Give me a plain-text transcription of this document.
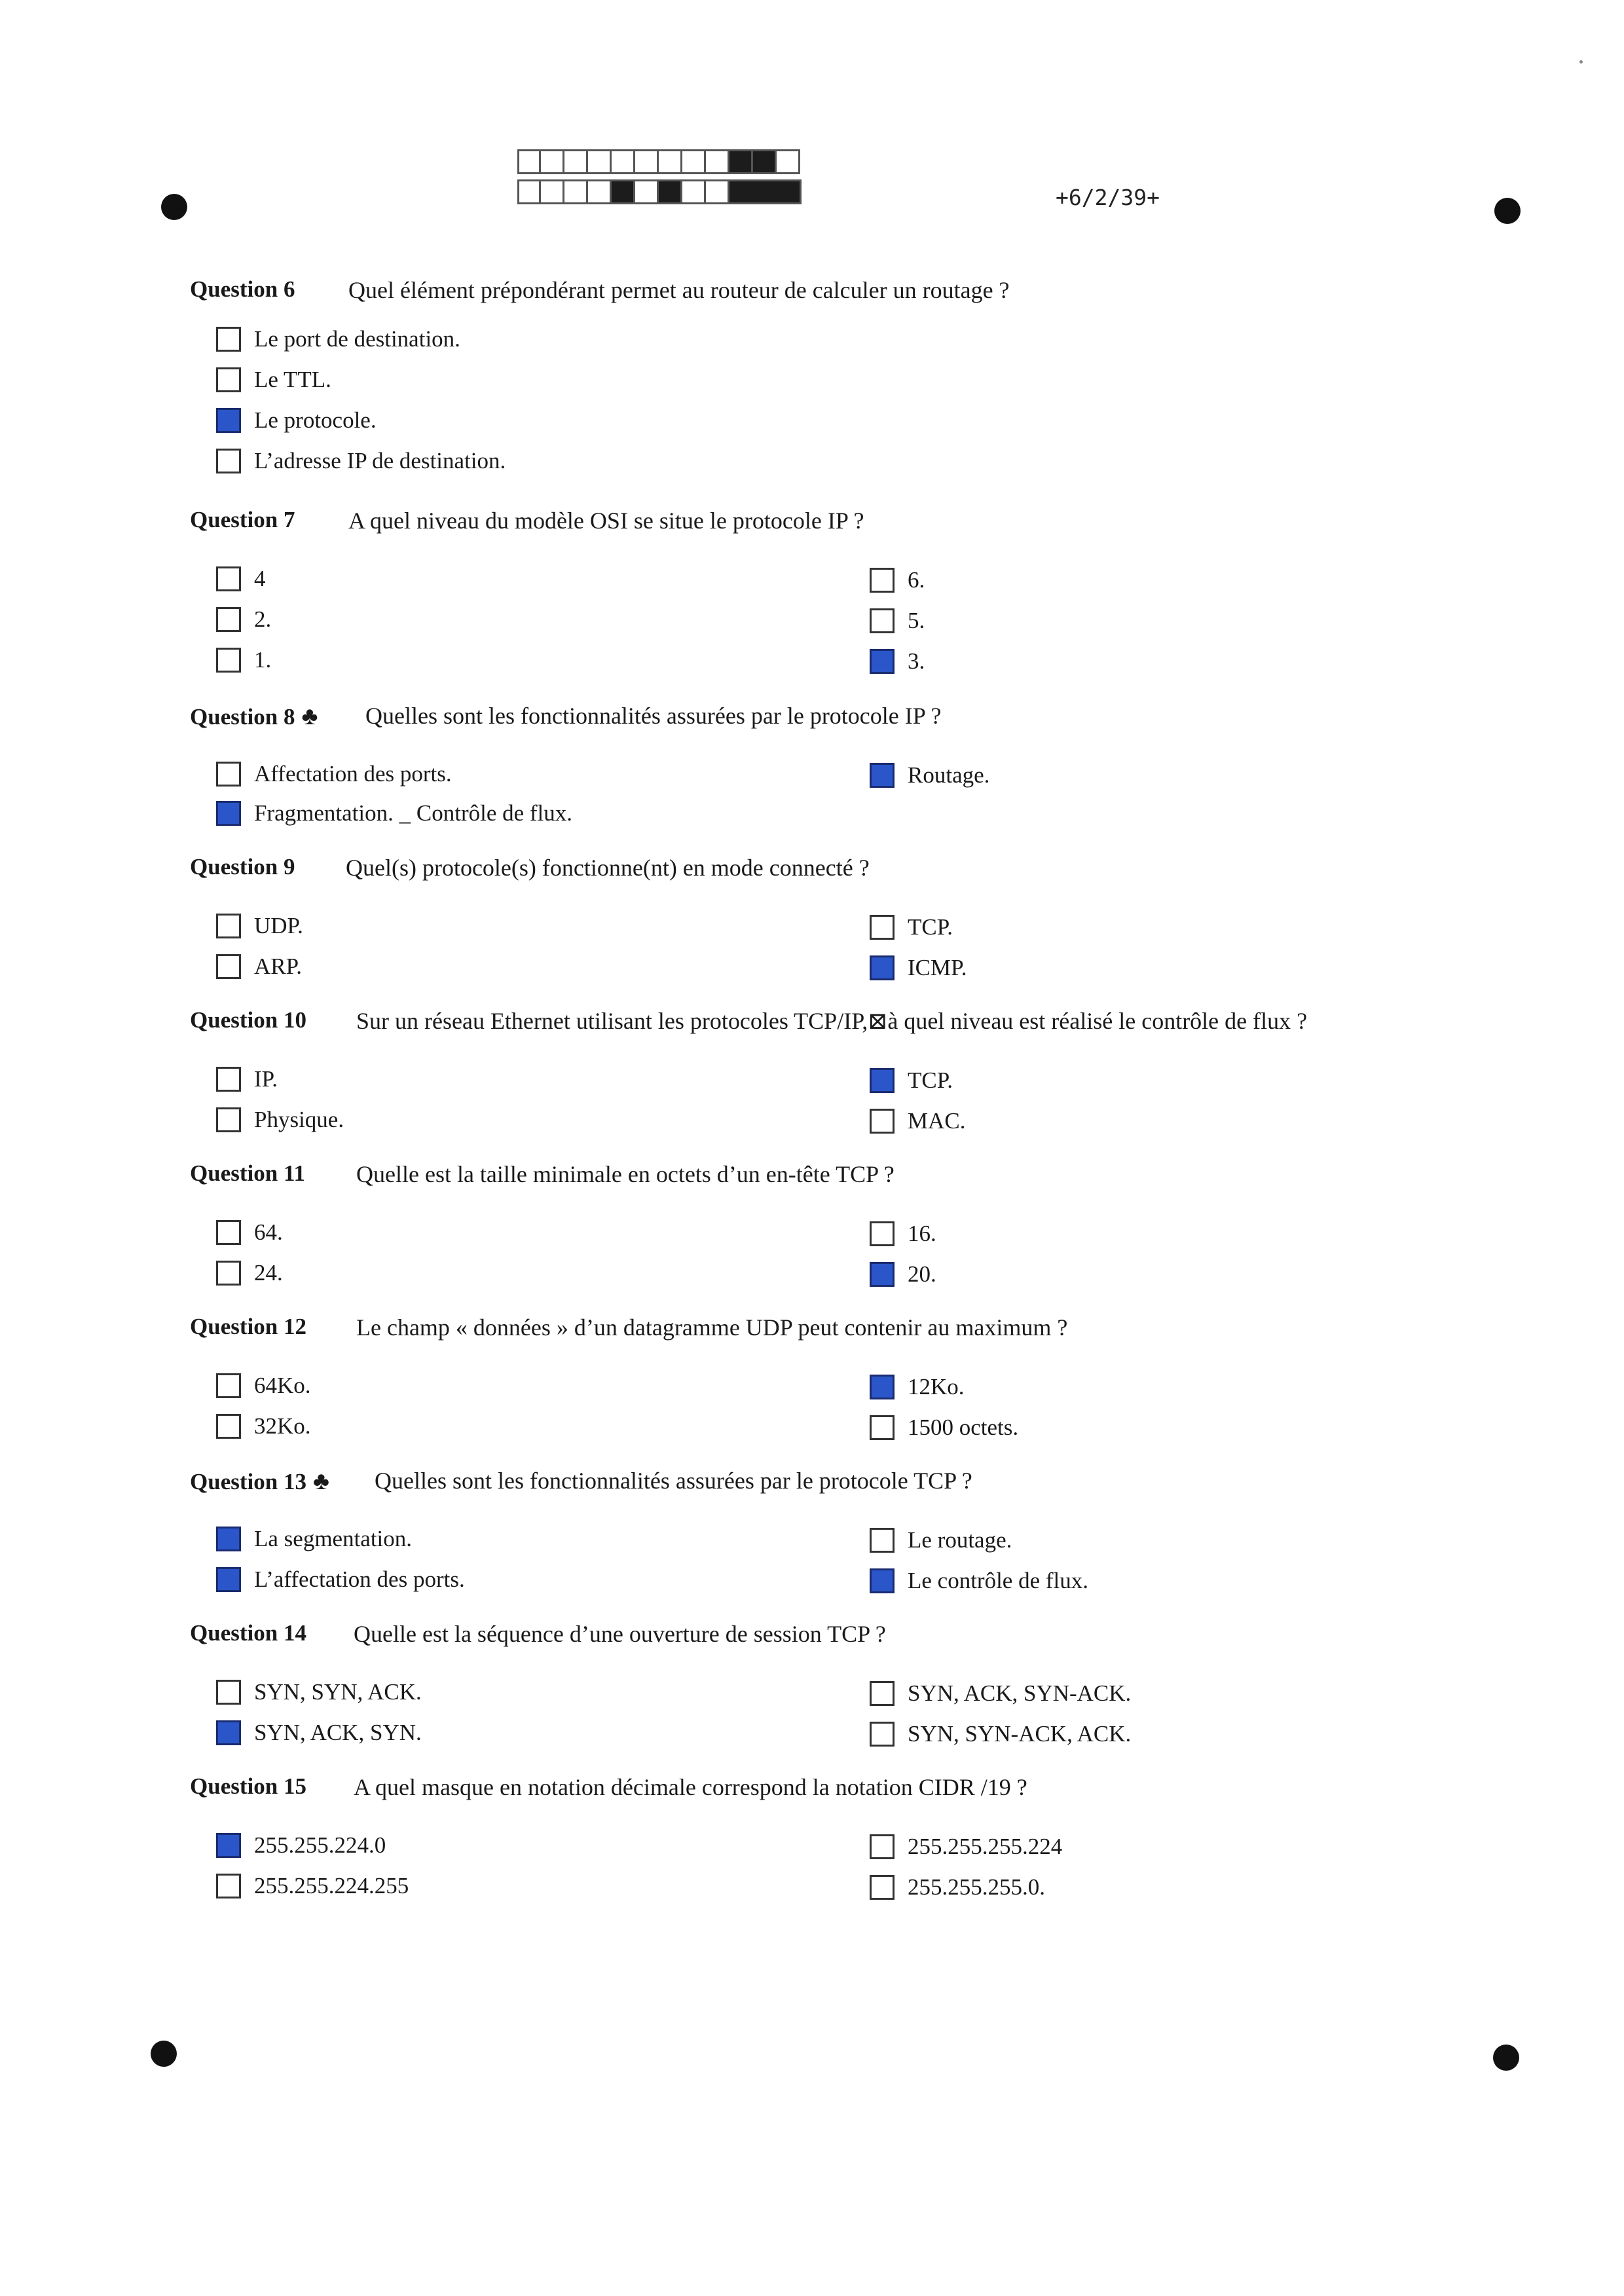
+6/2/39+
Question 6 Quel élément prépondérant permet au routeur de calculer un routage ?
Le port de destination.
Le TTL.
Le protocole.
L’adresse IP de destination.
Question 7 A quel niveau du modèle OSI se situe le protocole IP ?
4
2.
1.
6.
5.
3.
Question 8 ♣ Quelles sont les fonctionnalités assurées par le protocole IP ?
Affectation des ports.
Fragmentation. _ Contrôle de flux.
Routage.
Question 9 Quel(s) protocole(s) fonctionne(nt) en mode connecté ?
UDP.
ARP.
TCP.
ICMP.
Question 10 Sur un réseau Ethernet utilisant les protocoles TCP/IP,⊠à quel niveau est réalisé le contrôle de flux ?
IP.
Physique.
TCP.
MAC.
Question 11 Quelle est la taille minimale en octets d’un en-tête TCP ?
64.
24.
16.
20.
Question 12 Le champ « données » d’un datagramme UDP peut contenir au maximum ?
64Ko.
32Ko.
12Ko.
1500 octets.
Question 13 ♣ Quelles sont les fonctionnalités assurées par le protocole TCP ?
La segmentation.
L’affectation des ports.
Le routage.
Le contrôle de flux.
Question 14 Quelle est la séquence d’une ouverture de session TCP ?
SYN, SYN, ACK.
SYN, ACK, SYN.
SYN, ACK, SYN-ACK.
SYN, SYN-ACK, ACK.
Question 15 A quel masque en notation décimale correspond la notation CIDR /19 ?
255.255.224.0
255.255.224.255
255.255.255.224
255.255.255.0.
